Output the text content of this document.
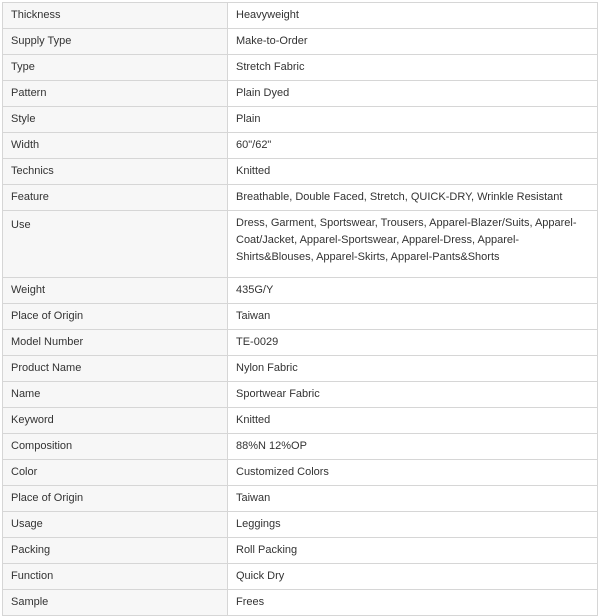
Thickness	Heavyweight
Supply Type	Make-to-Order
Type	Stretch Fabric
Pattern	Plain Dyed
Style	Plain
Width	60"/62"
Technics	Knitted
Feature	Breathable, Double Faced, Stretch, QUICK-DRY, Wrinkle Resistant
Use	Dress, Garment, Sportswear, Trousers, Apparel-Blazer/Suits, Apparel-Coat/Jacket, Apparel-Sportswear, Apparel-Dress, Apparel-Shirts&Blouses, Apparel-Skirts, Apparel-Pants&Shorts
Weight	435G/Y
Place of Origin	Taiwan
Model Number	TE-0029
Product Name	Nylon Fabric
Name	Sportwear Fabric
Keyword	Knitted
Composition	88%N 12%OP
Color	Customized Colors
Place of Origin	Taiwan
Usage	Leggings
Packing	Roll Packing
Function	Quick Dry
Sample	Frees
